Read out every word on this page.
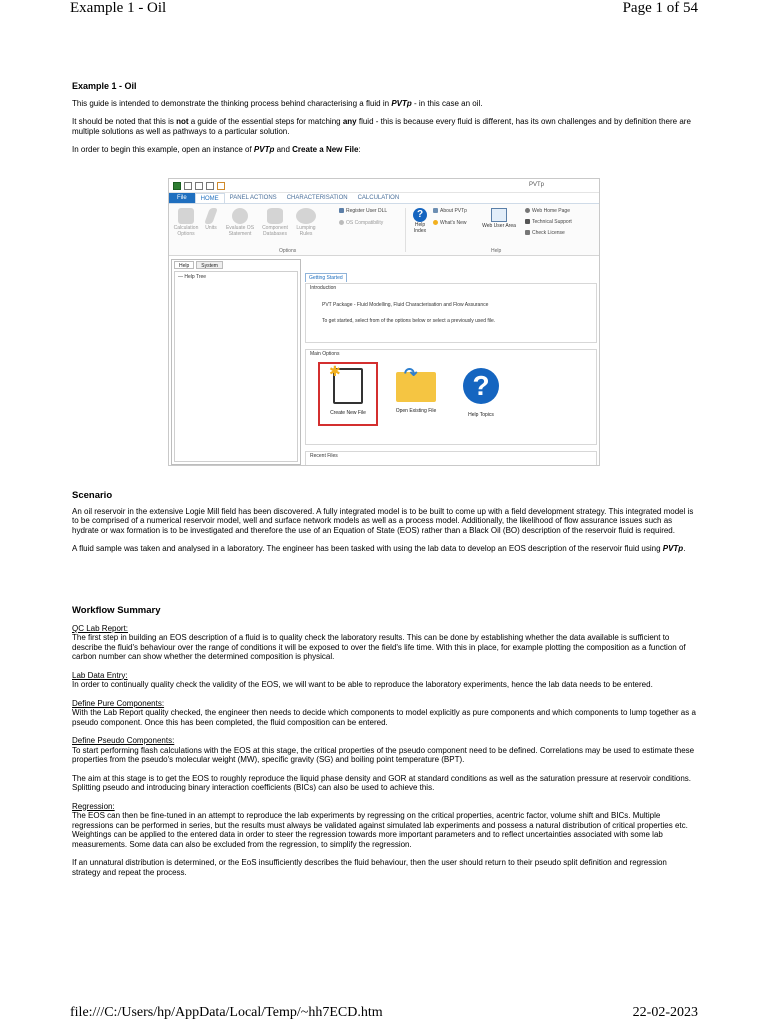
Example 1 - Oil	Page 1 of 54

Example 1 - Oil

This guide is intended to demonstrate the thinking process behind characterising a fluid in PVTp - in this case an oil.

It should be noted that this is not a guide of the essential steps for matching any fluid - this is because every fluid is different, has its own challenges and by definition there are multiple solutions as well as pathways to a particular solution.

In order to begin this example, open an instance of PVTp and Create a New File:

PVTp
File	HOME	PANEL ACTIONS	CHARACTERISATION	CALCULATION
Calculation Options
Units	Evaluate OS Statement
Component Databases
Lumping Rules
Register User DLL
OS Compatibility
Options
?
Help Index
About PVTp
What's New	Web User Area
Web Home Page
Technical Support
Check License
Help
Help	System
— Help Tree	Getting Started
Introduction
PVT Package - Fluid Modelling, Fluid Characterisation and Flow Assurance
To get started, select from of the options below or select a previously used file.
Main Options
✱
Create New File
↷
Open Existing File
?
Help Topics
Recent Files

Scenario

An oil reservoir in the extensive Logie Mill field has been discovered. A fully integrated model is to be built to come up with a field development strategy. This integrated model is to be comprised of a numerical reservoir model, well and surface network models as well as a process model. Additionally, the likelihood of flow assurance issues such as hydrate or wax formation is to be investigated and therefore the use of an Equation of State (EOS) rather than a Black Oil (BO) description of the reservoir fluid is required.

A fluid sample was taken and analysed in a laboratory. The engineer has been tasked with using the lab data to develop an EOS description of the reservoir fluid using PVTp.

Workflow Summary

QC Lab Report:

The first step in building an EOS description of a fluid is to quality check the laboratory results. This can be done by establishing whether the data available is sufficient to describe the fluid's behaviour over the range of conditions it will be exposed to over the field's life time. With this in place, for example plotting the composition as a function of carbon number can show whether the determined composition is physical.

Lab Data Entry:

In order to continually quality check the validity of the EOS, we will want to be able to reproduce the laboratory experiments, hence the lab data needs to be entered.

Define Pure Components:

With the Lab Report quality checked, the engineer then needs to decide which components to model explicitly as pure components and which components to lump together as a pseudo component. Once this has been completed, the fluid composition can be entered.

Define Pseudo Components:

To start performing flash calculations with the EOS at this stage, the critical properties of the pseudo component need to be defined. Correlations may be used to estimate these properties from the pseudo's molecular weight (MW), specific gravity (SG) and boiling point temperature (BPT).

The aim at this stage is to get the EOS to roughly reproduce the liquid phase density and GOR at standard conditions as well as the saturation pressure at reservoir conditions. Splitting pseudo and introducing binary interaction coefficients (BICs) can also be used to achieve this.

Regression:

The EOS can then be fine-tuned in an attempt to reproduce the lab experiments by regressing on the critical properties, acentric factor, volume shift and BICs. Multiple regressions can be performed in series, but the results must always be validated against simulated lab experiments and possess a natural distribution of critical properties etc. Weightings can be applied to the entered data in order to steer the regression towards more important parameters and to reflect uncertainties associated with some lab measurements. Some data can also be excluded from the regression, to simplify the regression.

If an unnatural distribution is determined, or the EoS insufficiently describes the fluid behaviour, then the user should return to their pseudo split definition and regression strategy and repeat the process.

file:///C:/Users/hp/AppData/Local/Temp/~hh7ECD.htm	22-02-2023
